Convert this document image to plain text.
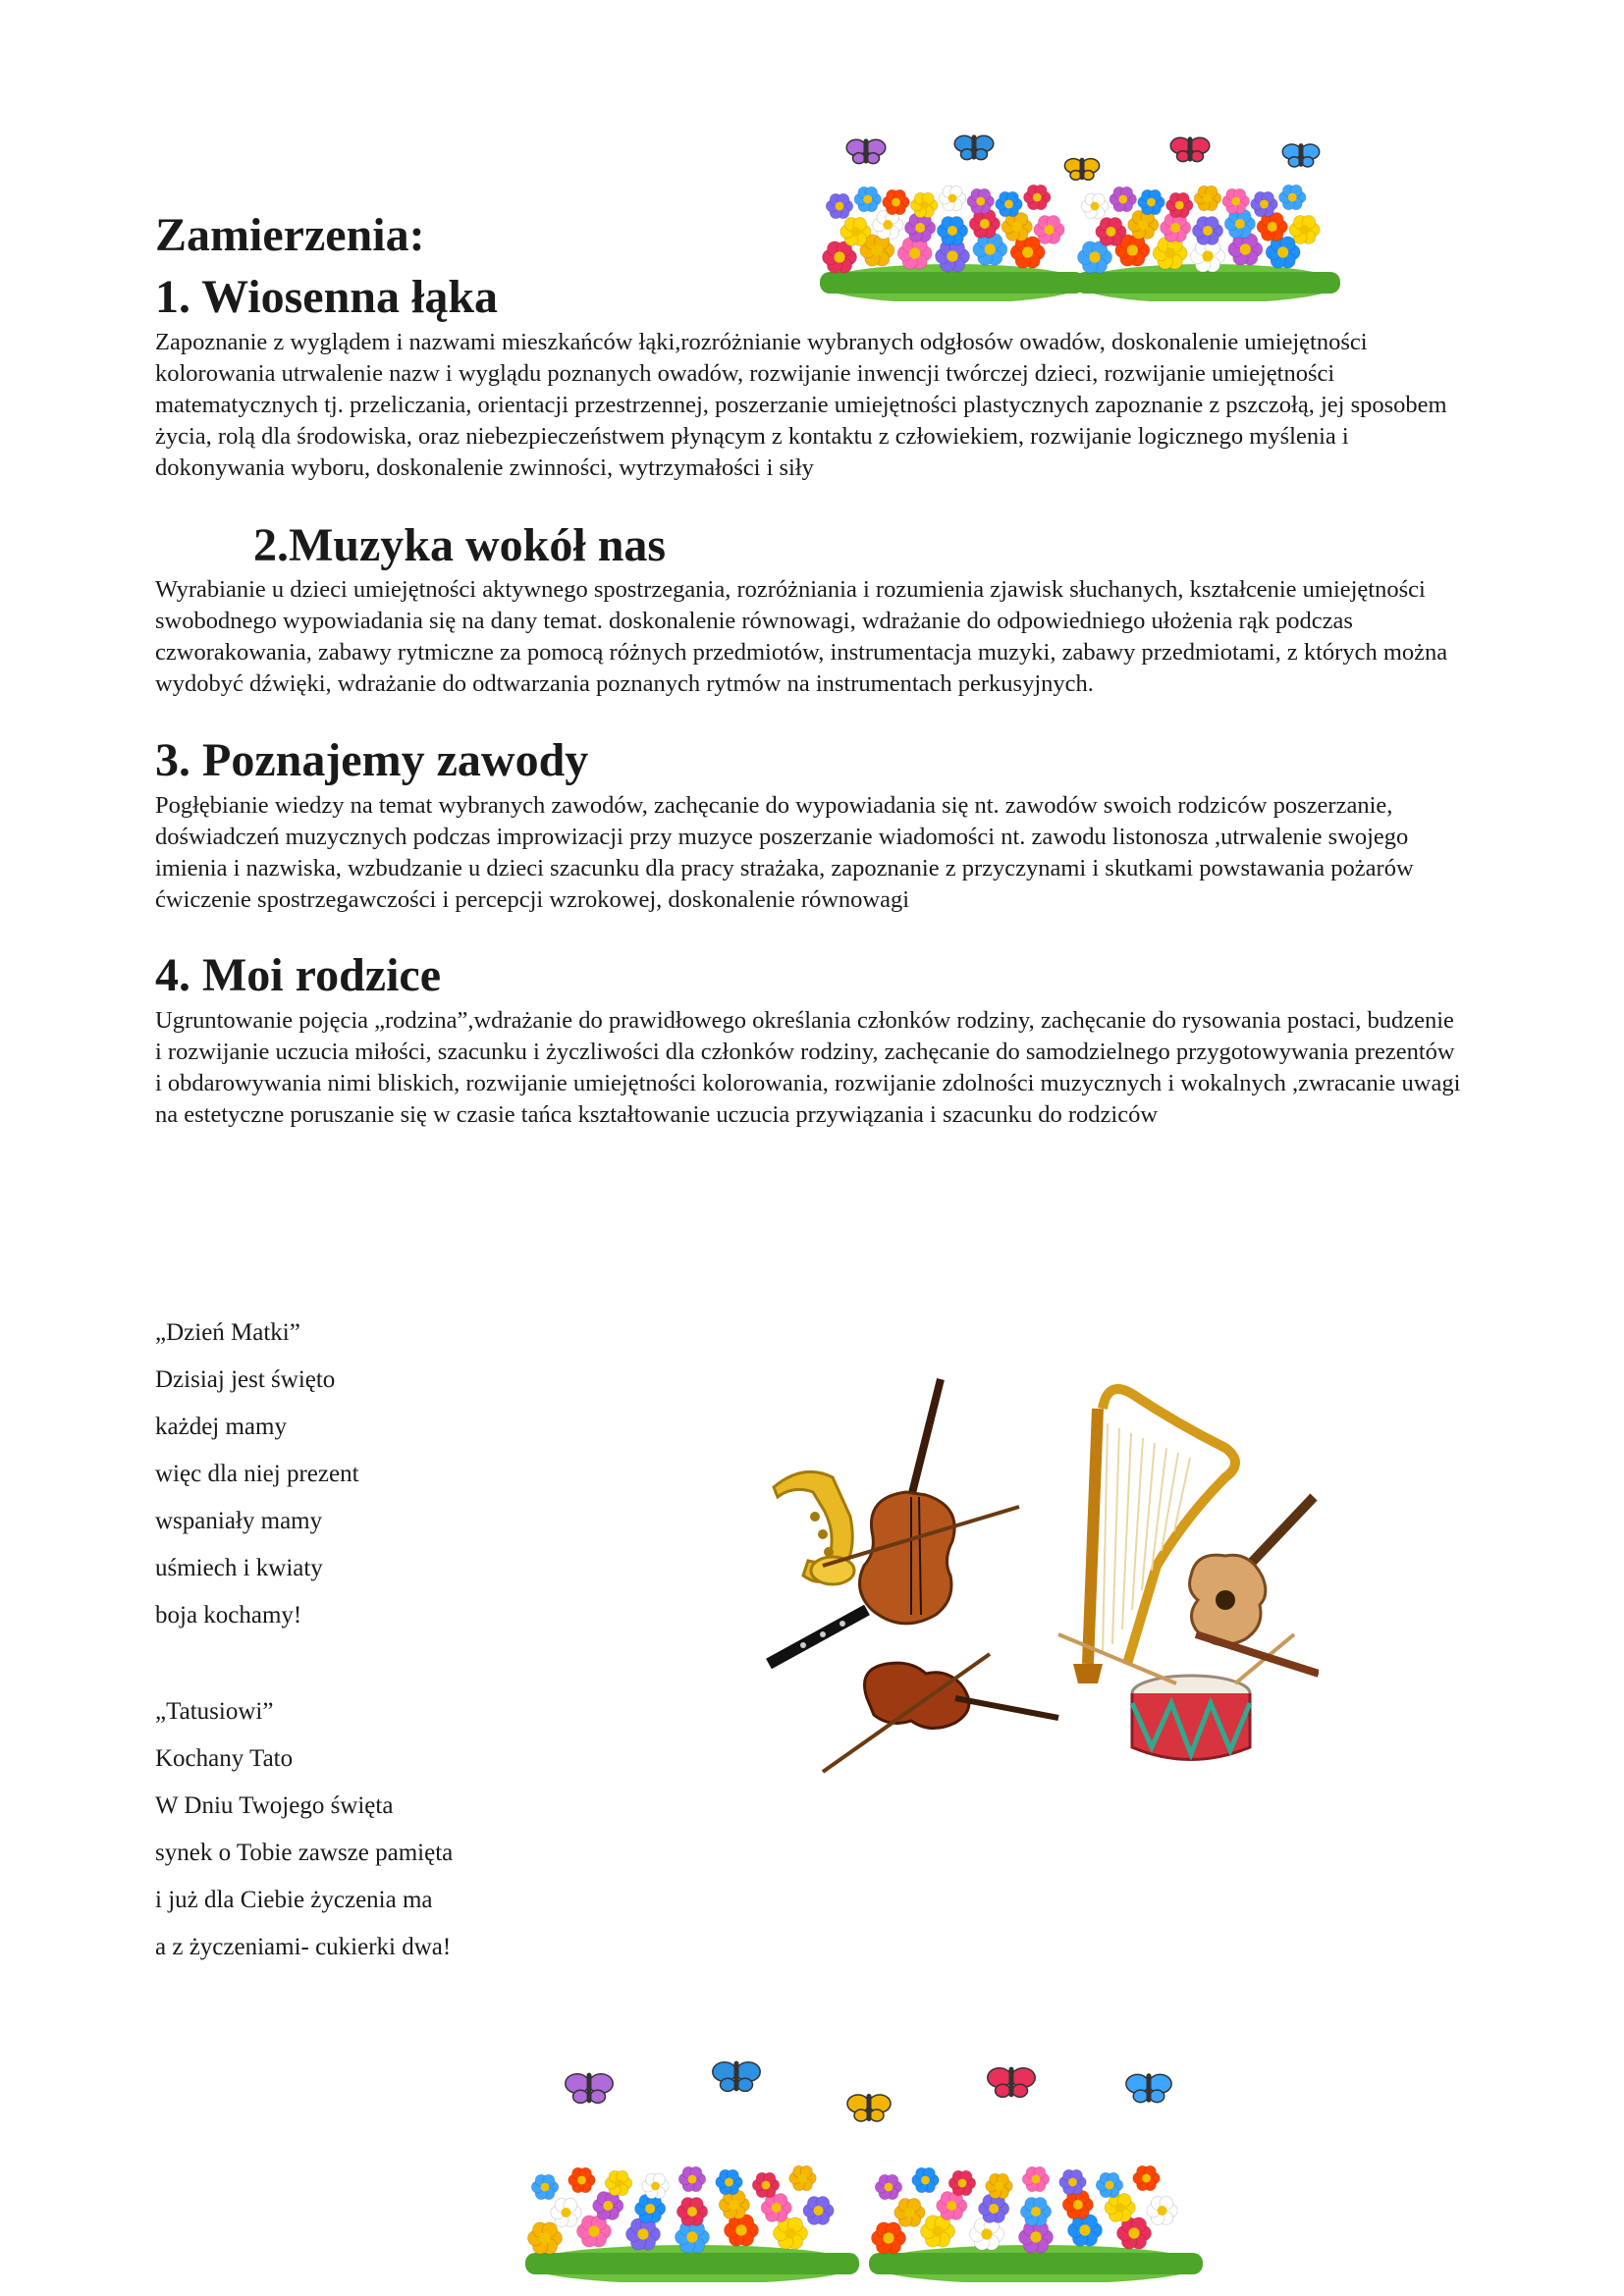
Zamierzenia:
1. Wiosenna łąka

Zapoznanie z wyglądem i nazwami mieszkańców łąki,rozróżnianie wybranych odgłosów owadów, doskonalenie umiejętności kolorowania utrwalenie nazw i wyglądu poznanych owadów, rozwijanie inwencji twórczej dzieci, rozwijanie umiejętności matematycznych tj. przeliczania, orientacji przestrzennej, poszerzanie umiejętności plastycznych zapoznanie z pszczołą, jej sposobem życia, rolą dla środowiska, oraz niebezpieczeństwem płynącym z kontaktu z człowiekiem, rozwijanie logicznego myślenia i dokonywania wyboru, doskonalenie zwinności, wytrzymałości i siły

2.Muzyka wokół nas

Wyrabianie u dzieci umiejętności aktywnego spostrzegania, rozróżniania i rozumienia zjawisk słuchanych, kształcenie umiejętności swobodnego wypowiadania się na dany temat. doskonalenie równowagi, wdrażanie do odpowiedniego ułożenia rąk podczas czworakowania, zabawy rytmiczne za pomocą różnych przedmiotów, instrumentacja muzyki, zabawy przedmiotami, z których można wydobyć dźwięki, wdrażanie do odtwarzania poznanych rytmów na instrumentach perkusyjnych.

3. Poznajemy zawody

Pogłębianie wiedzy na temat wybranych zawodów, zachęcanie do wypowiadania się nt. zawodów swoich rodziców poszerzanie, doświadczeń muzycznych podczas improwizacji przy muzyce poszerzanie wiadomości nt. zawodu listonosza ,utrwalenie swojego imienia i nazwiska, wzbudzanie u dzieci szacunku dla pracy strażaka, zapoznanie z przyczynami i skutkami powstawania pożarów ćwiczenie spostrzegawczości i percepcji wzrokowej, doskonalenie równowagi

4. Moi rodzice

Ugruntowanie pojęcia „rodzina”,wdrażanie do prawidłowego określania członków rodziny, zachęcanie do rysowania postaci, budzenie i rozwijanie uczucia miłości, szacunku i życzliwości dla członków rodziny, zachęcanie do samodzielnego przygotowywania prezentów i obdarowywania nimi bliskich, rozwijanie umiejętności kolorowania, rozwijanie zdolności muzycznych i wokalnych ,zwracanie uwagi na estetyczne poruszanie się w czasie tańca kształtowanie uczucia przywiązania i szacunku do rodziców

„Dzień Matki”
Dzisiaj jest święto
każdej mamy
więc dla niej prezent
wspaniały mamy
uśmiech i kwiaty
boja kochamy!
„Tatusiowi”
Kochany Tato
W Dniu Twojego święta
synek o Tobie zawsze pamięta
i już dla Ciebie życzenia ma
a z życzeniami- cukierki dwa!
